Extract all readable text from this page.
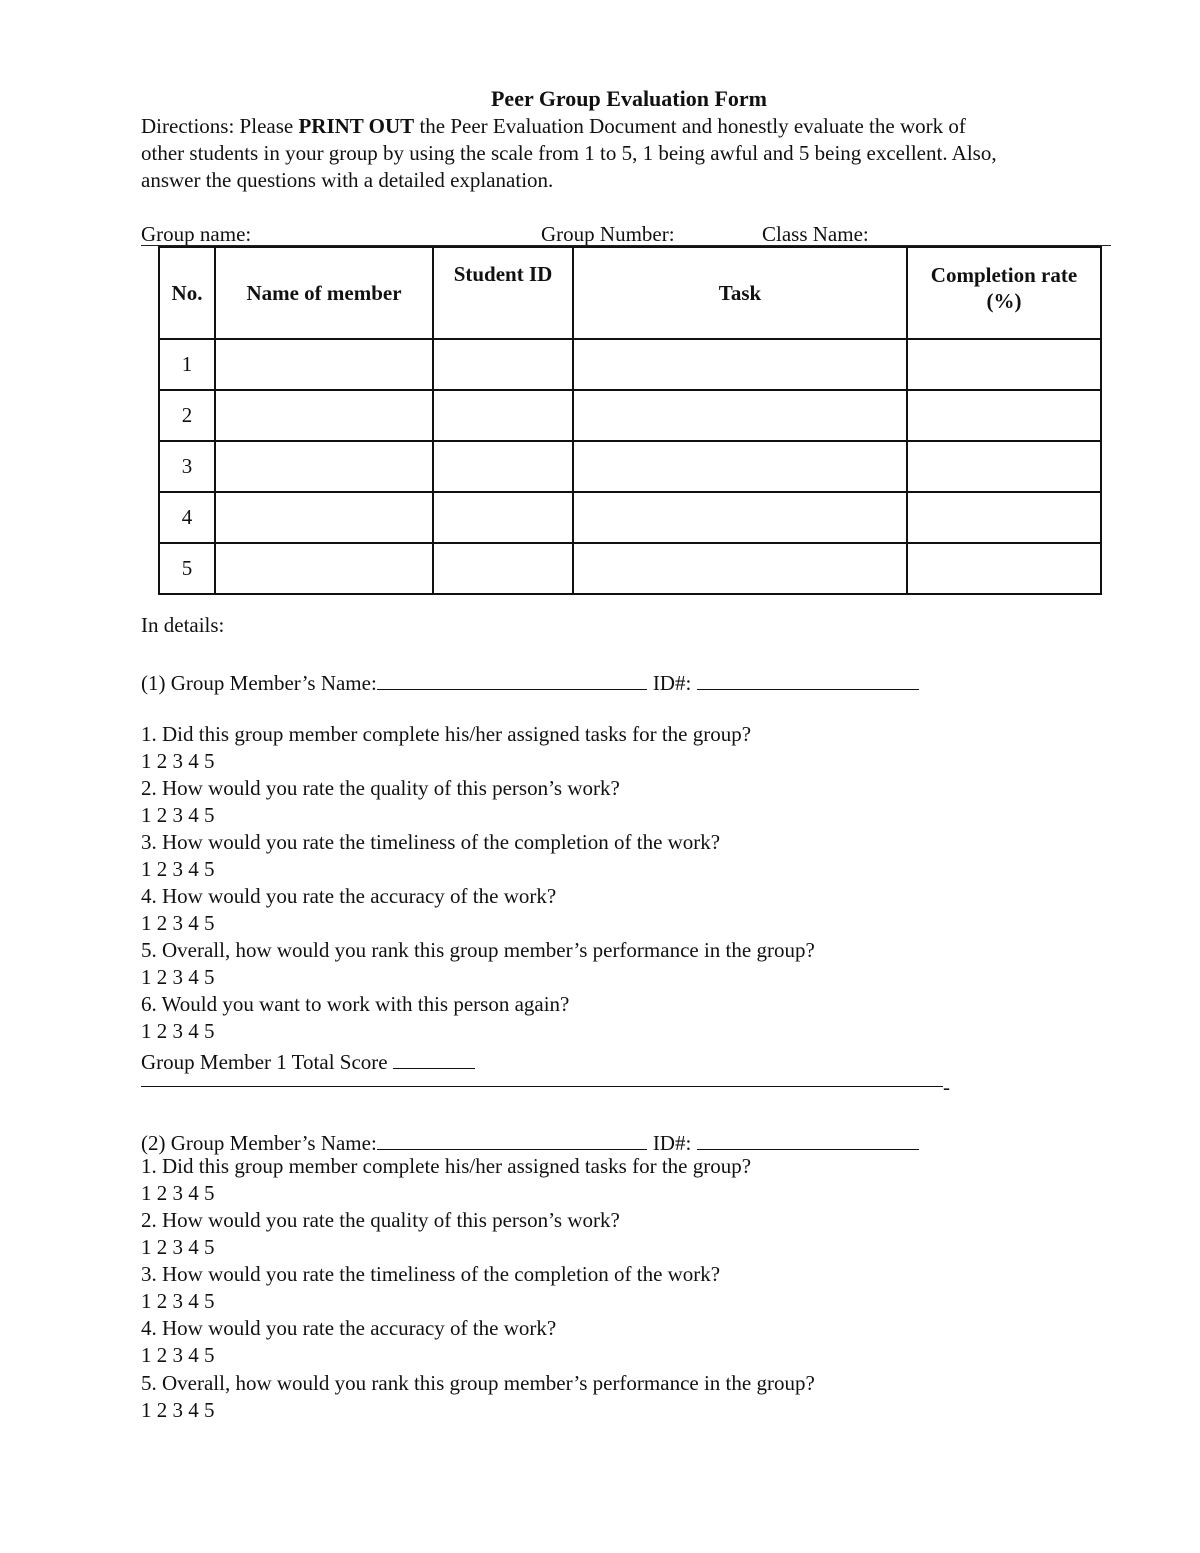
Peer Group Evaluation Form
Directions: Please PRINT OUT the Peer Evaluation Document and honestly evaluate the work of
other students in your group by using the scale from 1 to 5, 1 being awful and 5 being excellent. Also,
answer the questions with a detailed explanation.
Group name:	Group Number:	Class Name:
No.	Name of member	Student ID	Task	Completion rate (%)
1				
2				
3				
4				
5				
In details:
(1) Group Member’s Name:	ID#:
1. Did this group member complete his/her assigned tasks for the group?
1 2 3 4 5
2. How would you rate the quality of this person’s work?
1 2 3 4 5
3. How would you rate the timeliness of the completion of the work?
1 2 3 4 5
4. How would you rate the accuracy of the work?
1 2 3 4 5
5. Overall, how would you rank this group member’s performance in the group?
1 2 3 4 5
6. Would you want to work with this person again?
1 2 3 4 5
Group Member 1 Total Score
-
(2) Group Member’s Name:	ID#:
1. Did this group member complete his/her assigned tasks for the group?
1 2 3 4 5
2. How would you rate the quality of this person’s work?
1 2 3 4 5
3. How would you rate the timeliness of the completion of the work?
1 2 3 4 5
4. How would you rate the accuracy of the work?
1 2 3 4 5
5. Overall, how would you rank this group member’s performance in the group?
1 2 3 4 5
